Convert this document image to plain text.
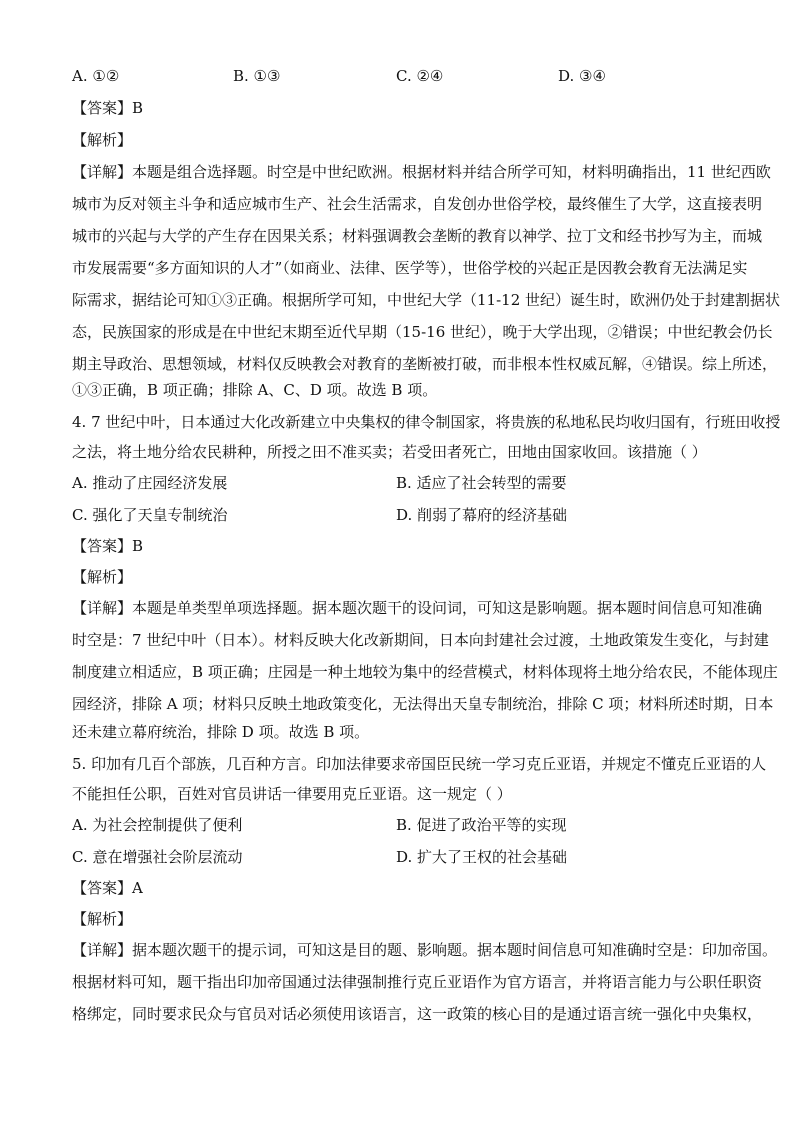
A. ①②	B. ①③	C. ②④	D. ③④
【答案】B
【解析】
【详解】本题是组合选择题。时空是中世纪欧洲。根据材料并结合所学可知，材料明确指出，11 世纪西欧
城市为反对领主斗争和适应城市生产、社会生活需求，自发创办世俗学校，最终催生了大学，这直接表明
城市的兴起与大学的产生存在因果关系；材料强调教会垄断的教育以神学、拉丁文和经书抄写为主，而城
市发展需要“多方面知识的人才”（如商业、法律、医学等），世俗学校的兴起正是因教会教育无法满足实
际需求，据结论可知①③正确。根据所学可知，中世纪大学（11-12 世纪）诞生时，欧洲仍处于封建割据状
态，民族国家的形成是在中世纪末期至近代早期（15-16 世纪），晚于大学出现，②错误；中世纪教会仍长
期主导政治、思想领域，材料仅反映教会对教育的垄断被打破，而非根本性权威瓦解，④错误。综上所述，
①③正确，B 项正确；排除 A、C、D 项。故选 B 项。
4. 7 世纪中叶，日本通过大化改新建立中央集权的律令制国家，将贵族的私地私民均收归国有，行班田收授
之法，将土地分给农民耕种，所授之田不准买卖；若受田者死亡，田地由国家收回。该措施（ ）
A. 推动了庄园经济发展	B. 适应了社会转型的需要
C. 强化了天皇专制统治	D. 削弱了幕府的经济基础
【答案】B
【解析】
【详解】本题是单类型单项选择题。据本题次题干的设问词，可知这是影响题。据本题时间信息可知准确
时空是：7 世纪中叶（日本）。材料反映大化改新期间，日本向封建社会过渡，土地政策发生变化，与封建
制度建立相适应，B 项正确；庄园是一种土地较为集中的经营模式，材料体现将土地分给农民，不能体现庄
园经济，排除 A 项；材料只反映土地政策变化，无法得出天皇专制统治，排除 C 项；材料所述时期，日本
还未建立幕府统治，排除 D 项。故选 B 项。
5. 印加有几百个部族，几百种方言。印加法律要求帝国臣民统一学习克丘亚语，并规定不懂克丘亚语的人
不能担任公职，百姓对官员讲话一律要用克丘亚语。这一规定（ ）
A. 为社会控制提供了便利	B. 促进了政治平等的实现
C. 意在增强社会阶层流动	D. 扩大了王权的社会基础
【答案】A
【解析】
【详解】据本题次题干的提示词，可知这是目的题、影响题。据本题时间信息可知准确时空是：印加帝国。
根据材料可知，题干指出印加帝国通过法律强制推行克丘亚语作为官方语言，并将语言能力与公职任职资
格绑定，同时要求民众与官员对话必须使用该语言，这一政策的核心目的是通过语言统一强化中央集权，
